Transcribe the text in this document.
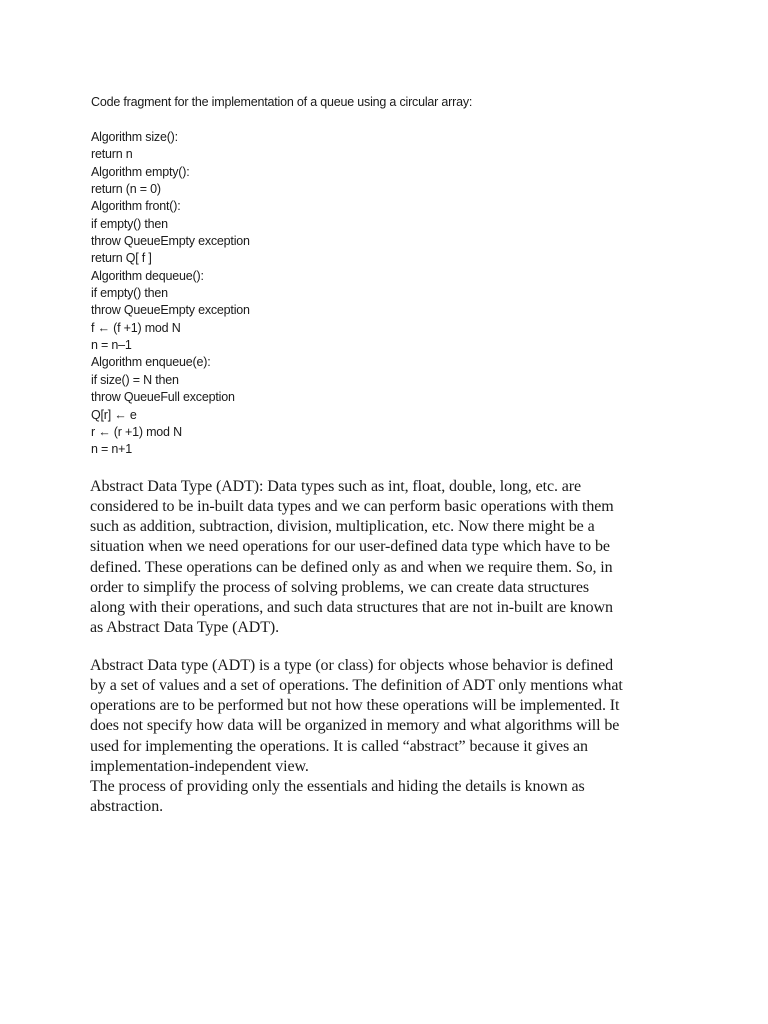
Code fragment for the implementation of a queue using a circular array:
Algorithm size():
return n
Algorithm empty():
return (n = 0)
Algorithm front():
if empty() then
throw QueueEmpty exception
return Q[ f ]
Algorithm dequeue():
if empty() then
throw QueueEmpty exception
f ← (f +1) mod N
n = n–1
Algorithm enqueue(e):
if size() = N then
throw QueueFull exception
Q[r] ← e
r ← (r +1) mod N
n = n+1

Abstract Data Type (ADT): Data types such as int, float, double, long, etc. are
considered to be in-built data types and we can perform basic operations with them
such as addition, subtraction, division, multiplication, etc. Now there might be a
situation when we need operations for our user-defined data type which have to be
defined. These operations can be defined only as and when we require them. So, in
order to simplify the process of solving problems, we can create data structures
along with their operations, and such data structures that are not in-built are known
as Abstract Data Type (ADT).

Abstract Data type (ADT) is a type (or class) for objects whose behavior is defined
by a set of values and a set of operations. The definition of ADT only mentions what
operations are to be performed but not how these operations will be implemented. It
does not specify how data will be organized in memory and what algorithms will be
used for implementing the operations. It is called “abstract” because it gives an
implementation-independent view.
The process of providing only the essentials and hiding the details is known as
abstraction.
